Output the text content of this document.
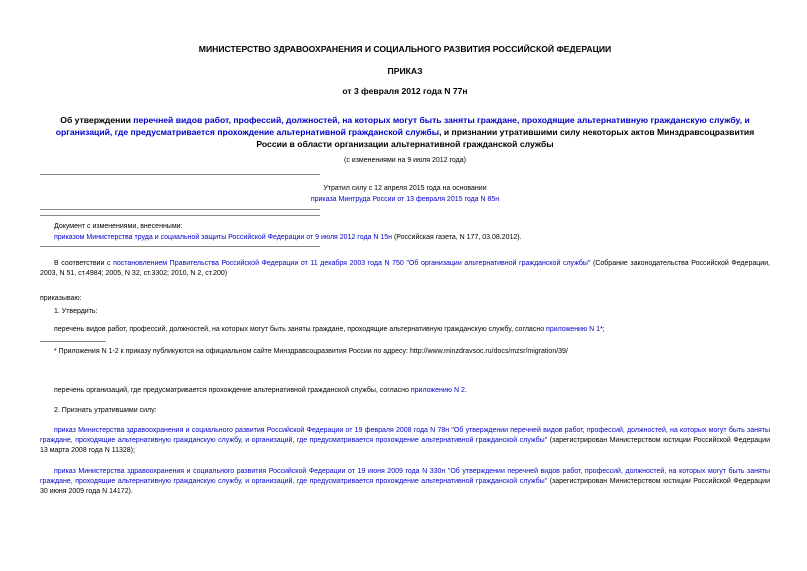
МИНИСТЕРСТВО ЗДРАВООХРАНЕНИЯ И СОЦИАЛЬНОГО РАЗВИТИЯ РОССИЙСКОЙ ФЕДЕРАЦИИ
ПРИКАЗ
от 3 февраля 2012 года N 77н
Об утверждении перечней видов работ, профессий, должностей, на которых могут быть заняты граждане, проходящие альтернативную гражданскую службу, и организаций, где предусматривается прохождение альтернативной гражданской службы, и признании утратившими силу некоторых актов Минздравсоцразвития России в области организации альтернативной гражданской службы
(с изменениями на 9 июля 2012 года)
Утратил силу с 12 апреля 2015 года на основании
приказа Минтруда России от 13 февраля 2015 года N 85н
Документ с изменениями, внесенными:
приказом Министерства труда и социальной защиты Российской Федерации от 9 июля 2012 года N 15н (Российская газета, N 177, 03.08.2012).
В соответствии с постановлением Правительства Российской Федерации от 11 декабря 2003 года N 750 "Об организации альтернативной гражданской службы" (Собрание законодательства Российской Федерации, 2003, N 51, ст.4984; 2005, N 32, ст.3302; 2010, N 2, ст.200)
приказываю:
1. Утвердить:
перечень видов работ, профессий, должностей, на которых могут быть заняты граждане, проходящие альтернативную гражданскую службу, согласно приложению N 1*;
* Приложения N 1-2 к приказу публикуются на официальном сайте Минздравсоцразвития России по адресу: http://www.minzdravsoc.ru/docs/mzsr/migration/39/
перечень организаций, где предусматривается прохождение альтернативной гражданской службы, согласно приложению N 2.
2. Признать утратившими силу:
приказ Министерства здравоохранения и социального развития Российской Федерации от 19 февраля 2008 года N 78н "Об утверждении перечней видов работ, профессий, должностей, на которых могут быть заняты граждане, проходящие альтернативную гражданскую службу, и организаций, где предусматривается прохождение альтернативной гражданской службы" (зарегистрирован Министерством юстиции Российской Федерации 13 марта 2008 года N 11328);
приказ Министерства здравоохранения и социального развития Российской Федерации от 19 июня 2009 года N 330н "Об утверждении перечней видов работ, профессий, должностей, на которых могут быть заняты граждане, проходящие альтернативную гражданскую службу, и организаций, где предусматривается прохождение альтернативной гражданской службы" (зарегистрирован Министерством юстиции Российской Федерации 30 июня 2009 года N 14172).
